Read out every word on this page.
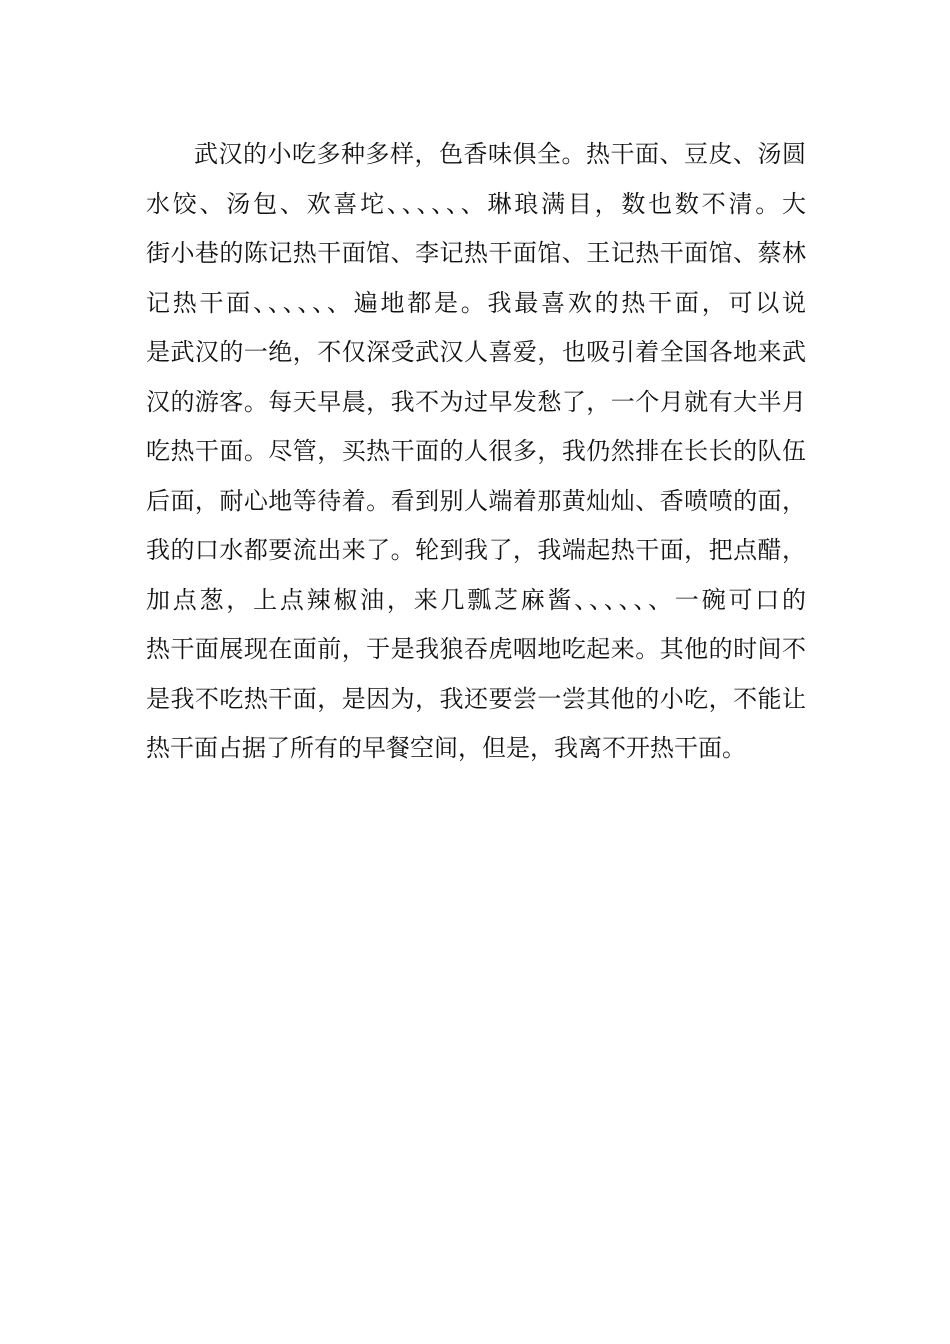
武汉的小吃多种多样，色香味俱全。热干面、豆皮、汤圆
水饺、汤包、欢喜坨、、、、、、琳琅满目，数也数不清。大
街小巷的陈记热干面馆、李记热干面馆、王记热干面馆、蔡林
记热干面、、、、、、遍地都是。我最喜欢的热干面，可以说
是武汉的一绝，不仅深受武汉人喜爱，也吸引着全国各地来武
汉的游客。每天早晨，我不为过早发愁了，一个月就有大半月
吃热干面。尽管，买热干面的人很多，我仍然排在长长的队伍
后面，耐心地等待着。看到别人端着那黄灿灿、香喷喷的面，
我的口水都要流出来了。轮到我了，我端起热干面，把点醋，
加点葱，上点辣椒油，来几瓢芝麻酱、、、、、、一碗可口的
热干面展现在面前，于是我狼吞虎咽地吃起来。其他的时间不
是我不吃热干面，是因为，我还要尝一尝其他的小吃，不能让
热干面占据了所有的早餐空间，但是，我离不开热干面。
